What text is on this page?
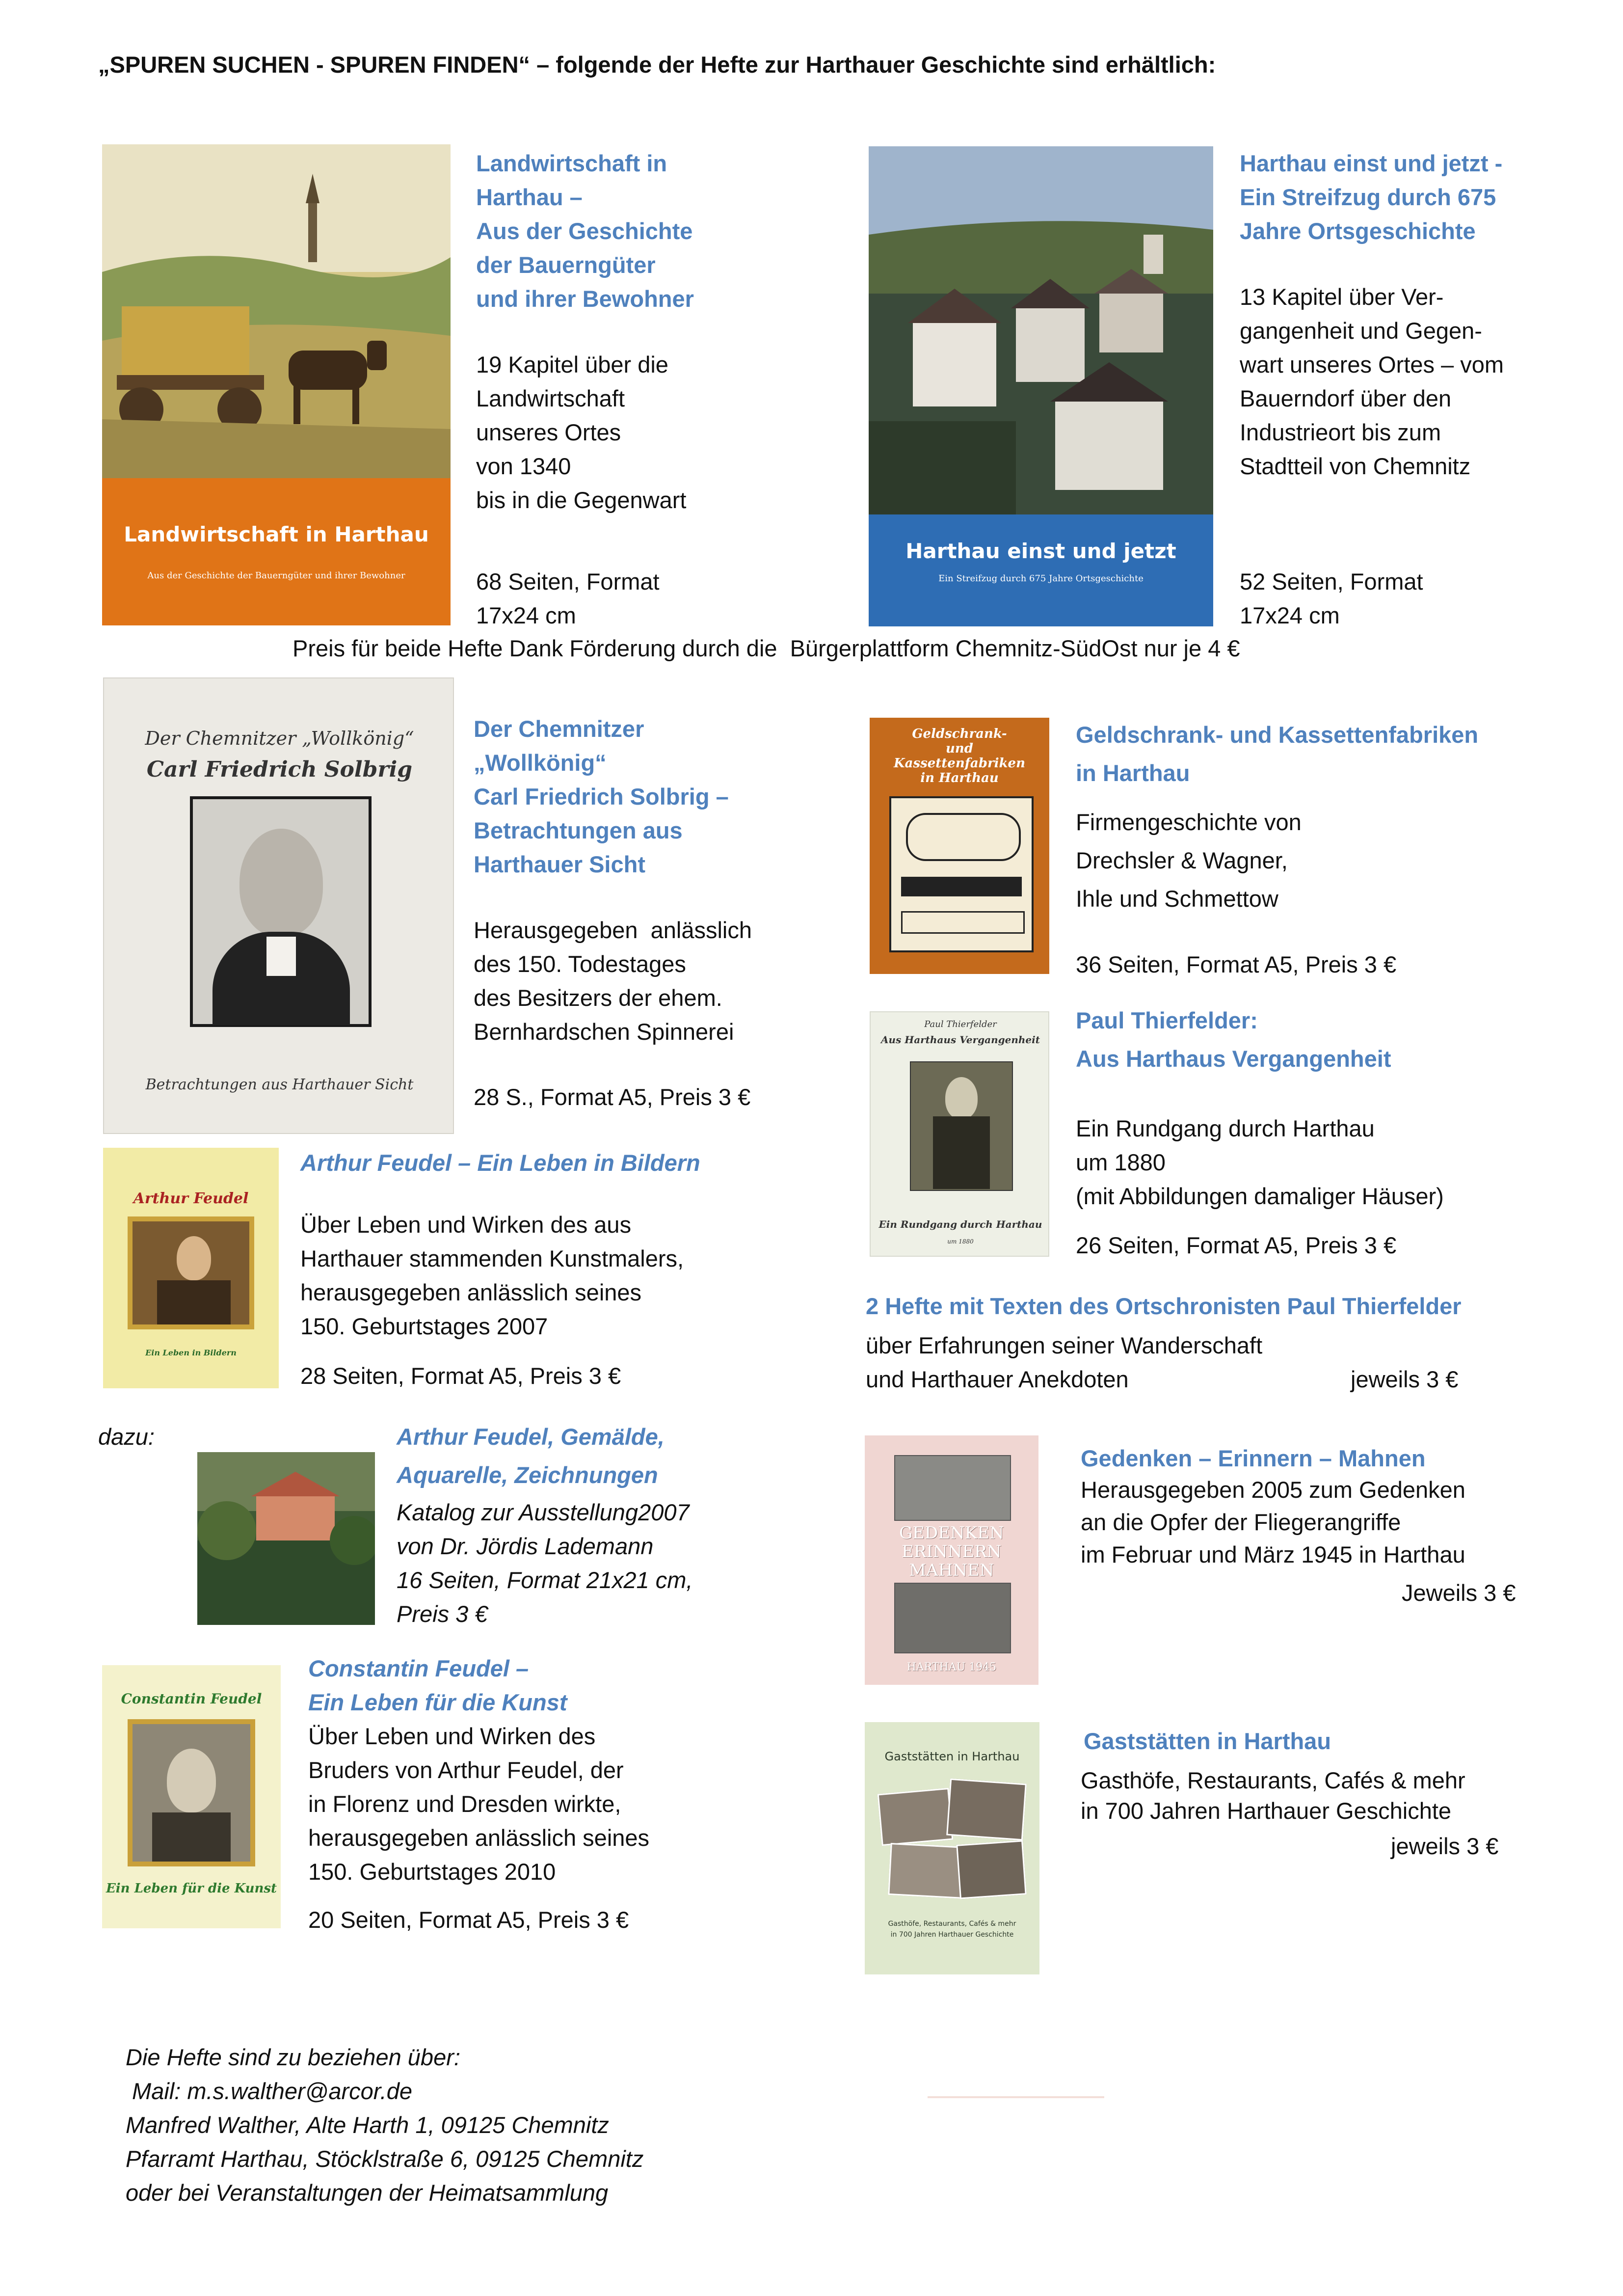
„SPUREN SUCHEN - SPUREN FINDEN“ – folgende der Hefte zur Harthauer Geschichte sind erhältlich:
Landwirtschaft in Harthau
Aus der Geschichte der Bauerngüter und ihrer Bewohner
Landwirtschaft in
Harthau –
Aus der Geschichte
der Bauerngüter
und ihrer Bewohner
19 Kapitel über die
Landwirtschaft
unseres Ortes
von 1340
bis in die Gegenwart
68 Seiten, Format
17x24 cm
Harthau einst und jetzt
Ein Streifzug durch 675 Jahre Ortsgeschichte
Harthau einst und jetzt -
Ein Streifzug durch 675
Jahre Ortsgeschichte
13 Kapitel über Ver-
gangenheit und Gegen-
wart unseres Ortes – vom
Bauerndorf über den
Industrieort bis zum
Stadtteil von Chemnitz
52 Seiten, Format
17x24 cm
Preis für beide Hefte Dank Förderung durch die  Bürgerplattform Chemnitz-SüdOst nur je 4 €
Der Chemnitzer „Wollkönig“
Carl Friedrich Solbrig
Betrachtungen aus Harthauer Sicht
Der Chemnitzer
„Wollkönig“
Carl Friedrich Solbrig –
Betrachtungen aus
Harthauer Sicht
Herausgegeben  anlässlich
des 150. Todestages
des Besitzers der ehem.
Bernhardschen Spinnerei
28 S., Format A5, Preis 3 €
Geldschrank-
und
Kassettenfabriken
in Harthau
Geldschrank- und Kassettenfabriken
in Harthau
Firmengeschichte von
Drechsler & Wagner,
Ihle und Schmettow
36 Seiten, Format A5, Preis 3 €
Paul Thierfelder
Aus Harthaus Vergangenheit
Ein Rundgang durch Harthau
um 1880
Paul Thierfelder:
Aus Harthaus Vergangenheit
Ein Rundgang durch Harthau
um 1880
(mit Abbildungen damaliger Häuser)
26 Seiten, Format A5, Preis 3 €
Arthur Feudel
Ein Leben in Bildern
Arthur Feudel – Ein Leben in Bildern
Über Leben und Wirken des aus
Harthauer stammenden Kunstmalers,
herausgegeben anlässlich seines
150. Geburtstages 2007
28 Seiten, Format A5, Preis 3 €
2 Hefte mit Texten des Ortschronisten Paul Thierfelder
über Erfahrungen seiner Wanderschaft
und Harthauer Anekdoten	jeweils 3 €
dazu:	Arthur Feudel, Gemälde,
Aquarelle, Zeichnungen
Katalog zur Ausstellung2007
von Dr. Jördis Lademann
16 Seiten, Format 21x21 cm,
Preis 3 €
GEDENKEN
ERINNERN
MAHNEN
HARTHAU 1945
Gedenken – Erinnern – Mahnen
Herausgegeben 2005 zum Gedenken
an die Opfer der Fliegerangriffe
im Februar und März 1945 in Harthau
Jeweils 3 €
Constantin Feudel
Ein Leben für die Kunst
Constantin Feudel –
Ein Leben für die Kunst
Über Leben und Wirken des
Bruders von Arthur Feudel, der
in Florenz und Dresden wirkte,
herausgegeben anlässlich seines
150. Geburtstages 2010
20 Seiten, Format A5, Preis 3 €
Gaststätten in Harthau
Gasthöfe, Restaurants, Cafés & mehr
in 700 Jahren Harthauer Geschichte
Gaststätten in Harthau
Gasthöfe, Restaurants, Cafés & mehr
in 700 Jahren Harthauer Geschichte
jeweils 3 €
Die Hefte sind zu beziehen über:
Mail: m.s.walther@arcor.de
Manfred Walther, Alte Harth 1, 09125 Chemnitz
Pfarramt Harthau, Stöcklstraße 6, 09125 Chemnitz
oder bei Veranstaltungen der Heimatsammlung
